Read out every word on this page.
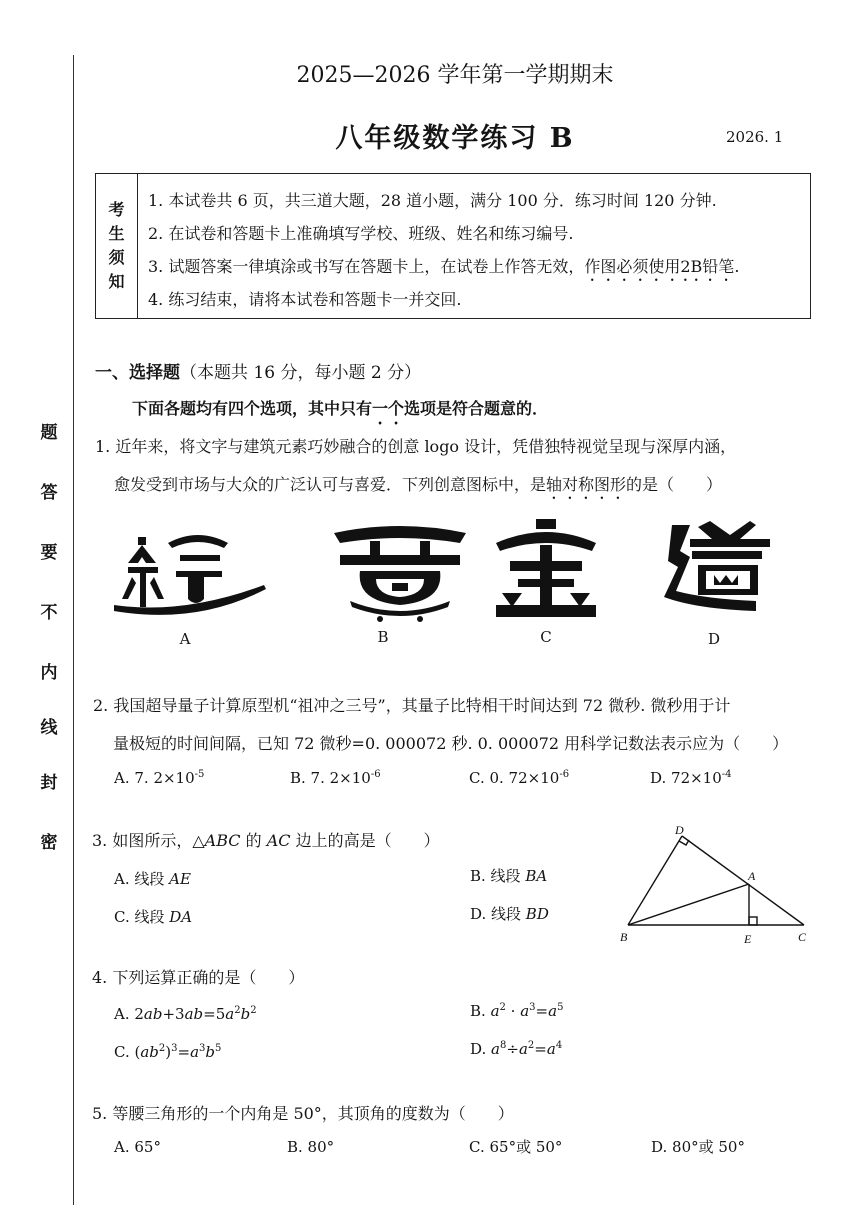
题
答
要
不
内
线
封
密
2025—2026 学年第一学期期末
八年级数学练习 B	2026. 1
考
生
须
知
1. 本试卷共 6 页，共三道大题，28 道小题，满分 100 分．练习时间 120 分钟.
2. 在试卷和答题卡上准确填写学校、班级、姓名和练习编号.
3. 试题答案一律填涂或书写在答题卡上，在试卷上作答无效，作图必须使用2B铅笔.
4. 练习结束，请将本试卷和答题卡一并交回.
一、选择题（本题共 16 分，每小题 2 分）
下面各题均有四个选项，其中只有一个选项是符合题意的．
1. 近年来，将文字与建筑元素巧妙融合的创意 logo 设计，凭借独特视觉呈现与深厚内涵，
愈发受到市场与大众的广泛认可与喜爱．下列创意图标中，是轴对称图形的是（　　）
A	B	C	D
2. 我国超导量子计算原型机“祖冲之三号”，其量子比特相干时间达到 72 微秒. 微秒用于计
量极短的时间间隔，已知 72 微秒=0. 000072 秒. 0. 000072 用科学记数法表示应为（　　）
A. 7. $2\times 10^{-5}$	B. 7. $2\times 10^{-6}$	C. 0. $72\times 10^{-6}$	D. $72\times 10^{-4}$
3. 如图所示，△ABC 的 AC 边上的高是（　　）
A. 线段 AE	B. 线段 BA
C. 线段 DA	D. 线段 BD
D
A
B	E	C
4. 下列运算正确的是（　　）
A. $2ab+3ab=5a^2b^2$	B. $a^2 \cdot a^3=a^5$
C. $(ab^2)^3=a^3b^5$	D. $a^8\div a^2=a^4$
5. 等腰三角形的一个内角是 50°，其顶角的度数为（　　）
A. 65°	B. 80°	C. 65°或 50°	D. 80°或 50°
